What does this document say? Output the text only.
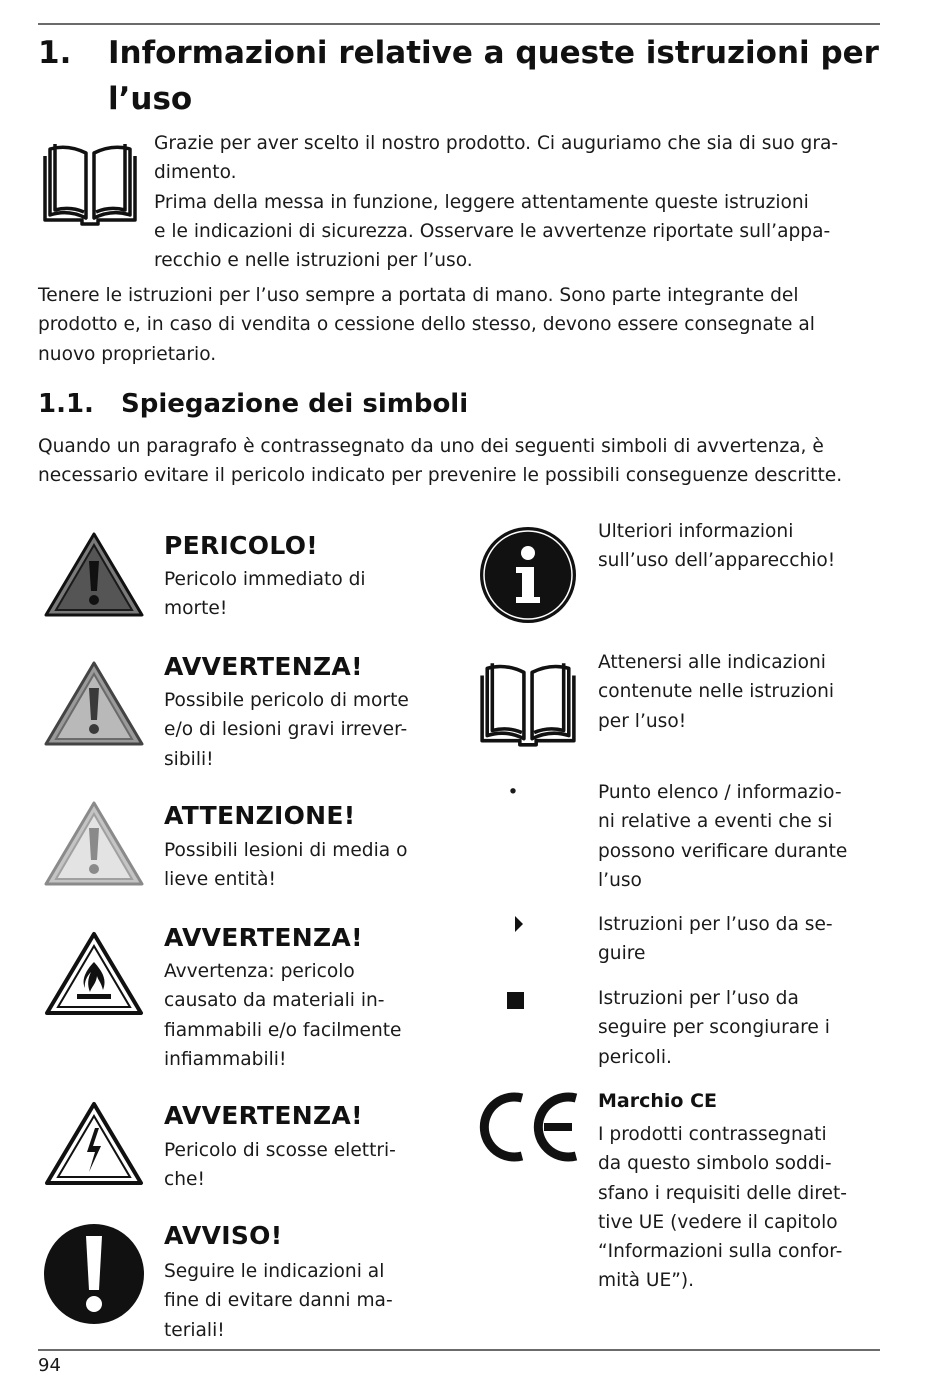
1. Informazioni relative a queste istruzioni per l’uso

Grazie per aver scelto il nostro prodotto. Ci auguriamo che sia di suo gra-

dimento.

Prima della messa in funzione, leggere attentamente queste istruzioni

e le indicazioni di sicurezza. Osservare le avvertenze riportate sull’appa-

recchio e nelle istruzioni per l’uso.

Tenere le istruzioni per l’uso sempre a portata di mano. Sono parte integrante del

prodotto e, in caso di vendita o cessione dello stesso, devono essere consegnate al

nuovo proprietario.

1.1. Spiegazione dei simboli

Quando un paragrafo è contrassegnato da uno dei seguenti simboli di avvertenza, è

necessario evitare il pericolo indicato per prevenire le possibili conseguenze descritte.

PERICOLO!
Pericolo immediato di
morte!
AVVERTENZA!
Possibile pericolo di morte
e/o di lesioni gravi irrever-
sibili!
ATTENZIONE!
Possibili lesioni di media o
lieve entità!
AVVERTENZA!
Avvertenza: pericolo
causato da materiali in-
fiammabili e/o facilmente
infiammabili!
AVVERTENZA!
Pericolo di scosse elettri-
che!
AVVISO!
Seguire le indicazioni al
fine di evitare danni ma-
teriali!
Ulteriori informazioni
sull’uso dell’apparecchio!
Attenersi alle indicazioni
contenute nelle istruzioni
per l’uso!
•	Punto elenco / informazio-
ni relative a eventi che si
possono verificare durante
l’uso
Istruzioni per l’uso da se-
guire
Istruzioni per l’uso da
seguire per scongiurare i
pericoli.
Marchio CE
I prodotti contrassegnati
da questo simbolo soddi-
sfano i requisiti delle diret-
tive UE (vedere il capitolo
“Informazioni sulla confor-
mità UE”).
94
